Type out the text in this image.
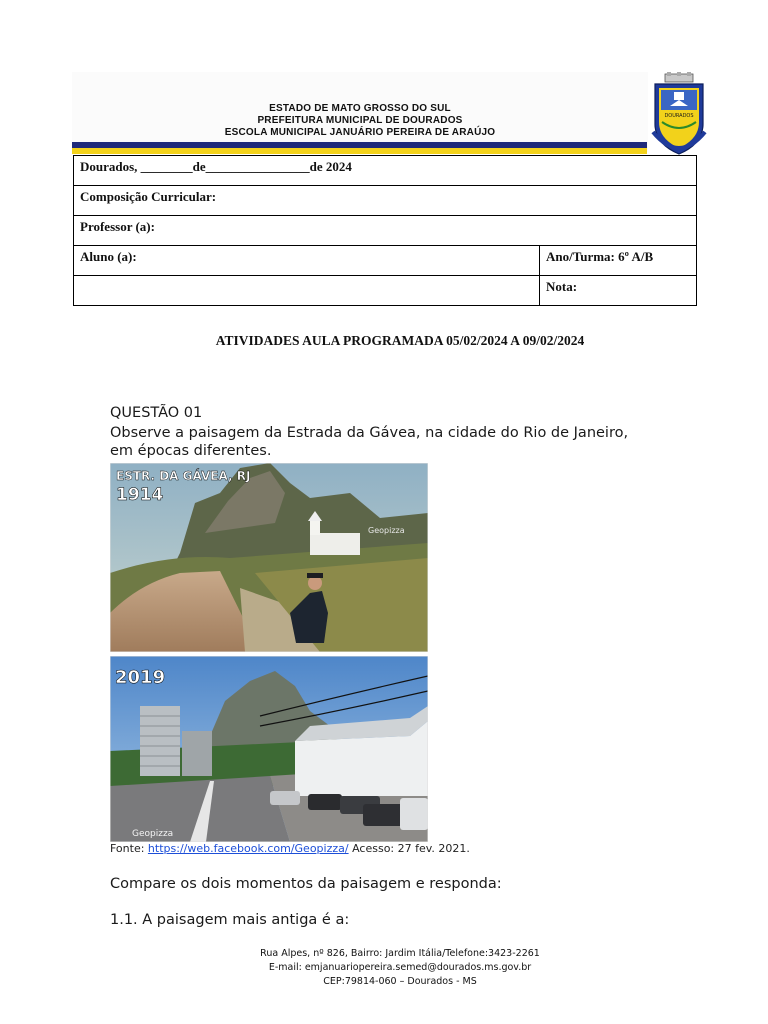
ESTADO DE MATO GROSSO DO SUL
PREFEITURA MUNICIPAL DE DOURADOS
ESCOLA MUNICIPAL JANUÁRIO PEREIRA DE ARAÚJO
DOURADOS
Dourados, ________de________________de 2024	
Composição Curricular:	
Professor (a):	
Aluno (a):	Ano/Turma: 6º A/B
	Nota:
ATIVIDADES AULA PROGRAMADA 05/02/2024 A 09/02/2024
QUESTÃO 01
Observe a paisagem da Estrada da Gávea, na cidade do Rio de Janeiro,
em épocas diferentes.
ESTR. DA GÁVEA, RJ
1914
Geopizza
2019
Geopizza
Fonte: https://web.facebook.com/Geopizza/ Acesso: 27 fev. 2021.
Compare os dois momentos da paisagem e responda:
1.1. A paisagem mais antiga é a:
Rua Alpes, nº 826, Bairro: Jardim Itália/Telefone:3423-2261
E-mail: emjanuariopereira.semed@dourados.ms.gov.br
CEP:79814-060 – Dourados - MS
